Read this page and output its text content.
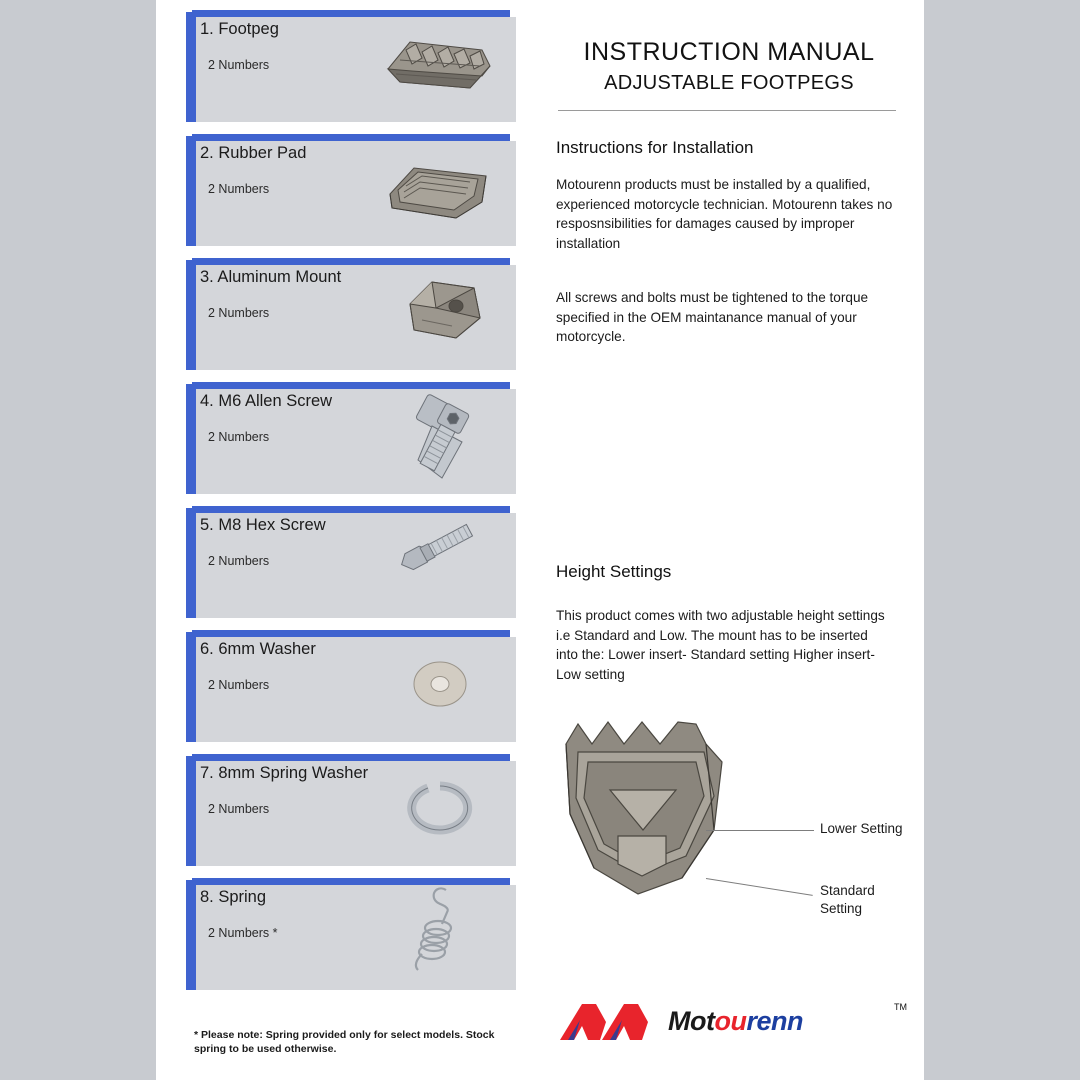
1. Footpeg
2 Numbers
2. Rubber Pad
2 Numbers
3. Aluminum Mount
2 Numbers
4. M6 Allen Screw
2 Numbers
5. M8 Hex Screw
2 Numbers
6. 6mm Washer
2 Numbers
7. 8mm Spring Washer
2 Numbers
8. Spring
2 Numbers *
* Please note: Spring provided only for select models. Stock spring to be used otherwise.
INSTRUCTION MANUAL
ADJUSTABLE FOOTPEGS
Instructions for Installation
Motourenn products must be installed by a qualified, experienced motorcycle technician. Motourenn takes no resposnsibilities for damages caused by improper installation
All screws and bolts must be tightened to the torque specified in the OEM maintanance manual of your motorcycle.
Height Settings
This product comes with two adjustable height settings i.e Standard and Low. The mount has to be inserted into the: Lower insert- Standard setting Higher insert- Low setting
Lower Setting
Standard Setting
Motourenn	TM
